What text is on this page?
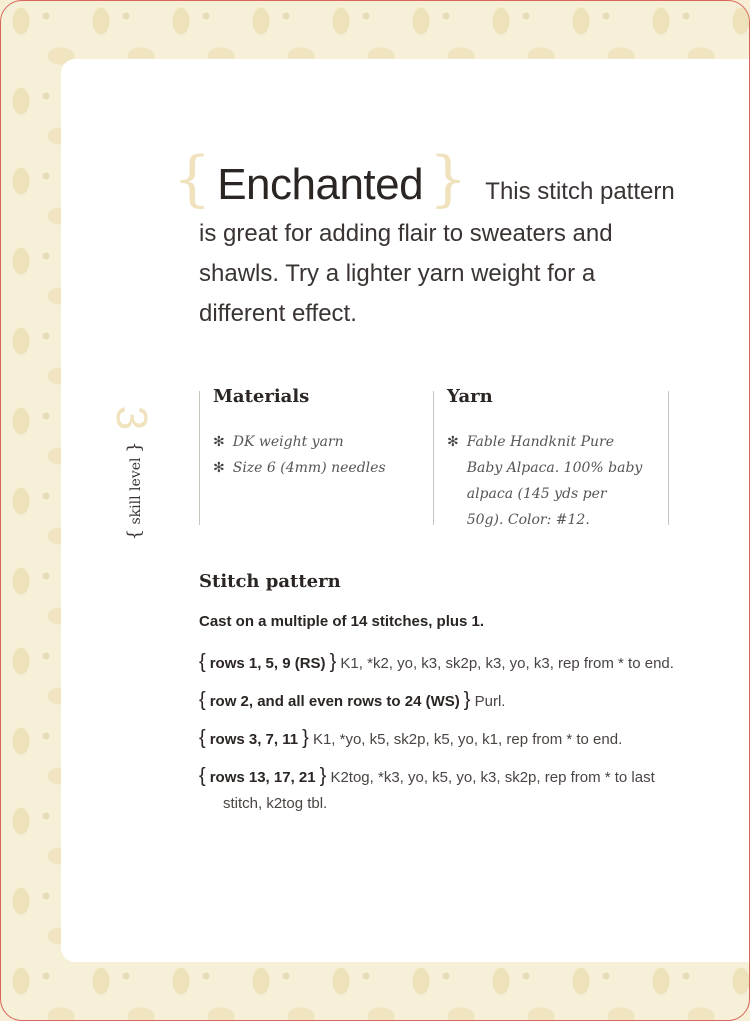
{ Enchanted } This stitch pattern
is great for adding flair to sweaters and shawls. Try a lighter yarn weight for a different effect.
3
{ skill level }
Materials
✻ DK weight yarn
✻ Size 6 (4mm) needles
Yarn
✻ Fable Handknit Pure Baby Alpaca. 100% baby alpaca (145 yds per 50g). Color: #12.
Stitch pattern
Cast on a multiple of 14 stitches, plus 1.
{ rows 1, 5, 9 (RS) } K1, *k2, yo, k3, sk2p, k3, yo, k3, rep from * to end.
{ row 2, and all even rows to 24 (WS) } Purl.
{ rows 3, 7, 11 } K1, *yo, k5, sk2p, k5, yo, k1, rep from * to end.
{ rows 13, 17, 21 } K2tog, *k3, yo, k5, yo, k3, sk2p, rep from * to last stitch, k2tog tbl.
